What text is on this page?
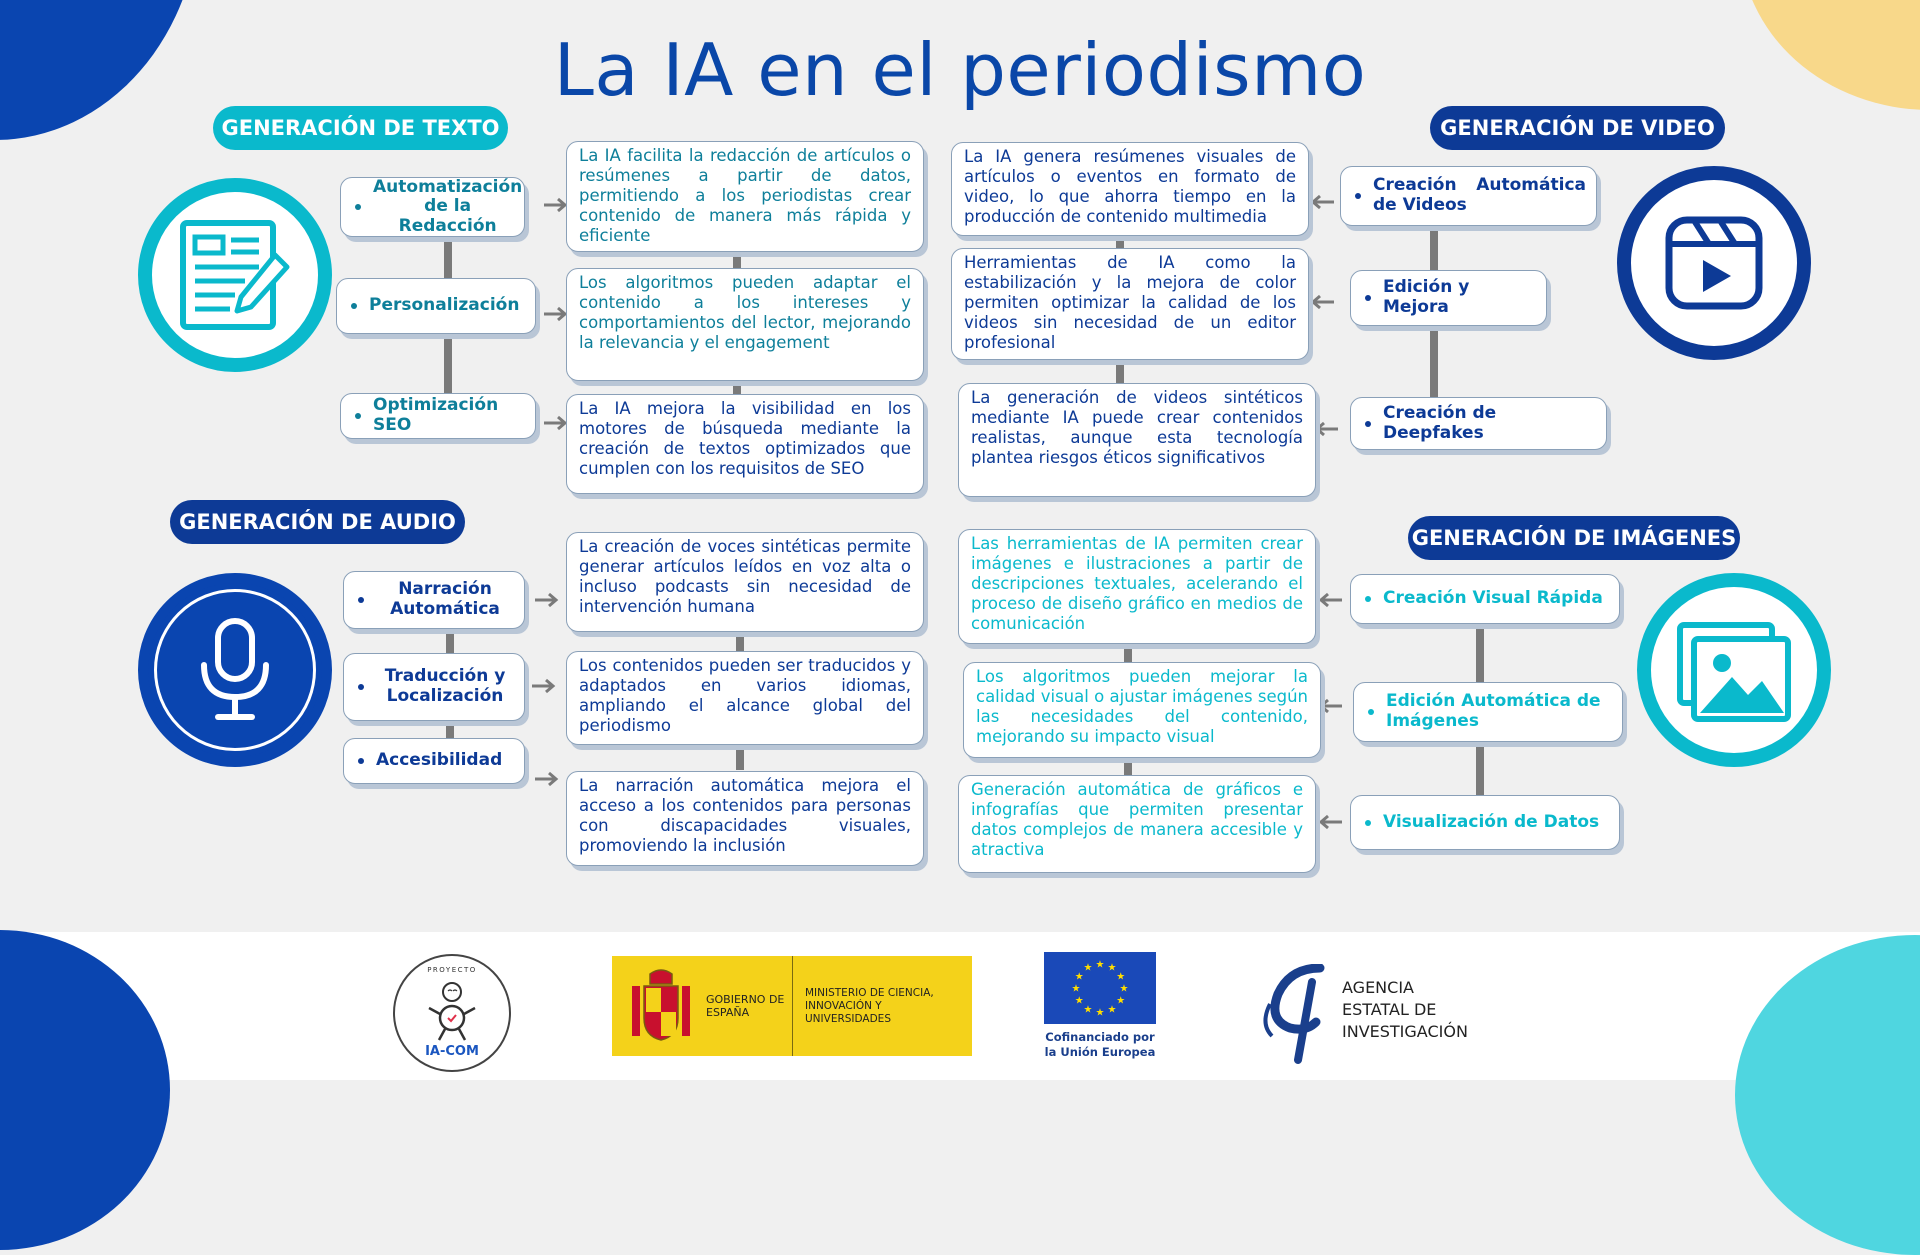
La IA en el periodismo
GENERACIÓN DE TEXTO
Automatización de la Redacción
Personalización
Optimización SEO
La IA facilita la redacción de artículos o resúmenes a partir de datos, permitiendo a los periodistas crear contenido de manera más rápida y eficiente
Los algoritmos pueden adaptar el contenido a los intereses y comportamientos del lector, mejorando la relevancia y el engagement
La IA mejora la visibilidad en los motores de búsqueda mediante la creación de textos optimizados que cumplen con los requisitos de SEO
GENERACIÓN DE VIDEO
Creación Automática de Videos
Edición y Mejora
Creación de Deepfakes
La IA genera resúmenes visuales de artículos o eventos en formato de video, lo que ahorra tiempo en la producción de contenido multimedia
Herramientas de IA como la estabilización y la mejora de color permiten optimizar la calidad de los videos sin necesidad de un editor profesional
La generación de videos sintéticos mediante IA puede crear contenidos realistas, aunque esta tecnología plantea riesgos éticos significativos
GENERACIÓN DE AUDIO
Narración Automática
Traducción y Localización
Accesibilidad
La creación de voces sintéticas permite generar artículos leídos en voz alta o incluso podcasts sin necesidad de intervención humana
Los contenidos pueden ser traducidos y adaptados en varios idiomas, ampliando el alcance global del periodismo
La narración automática mejora el acceso a los contenidos para personas con discapacidades visuales, promoviendo la inclusión
GENERACIÓN DE IMÁGENES
Creación Visual Rápida
Edición Automática de Imágenes
Visualización de Datos
Las herramientas de IA permiten crear imágenes e ilustraciones a partir de descripciones textuales, acelerando el proceso de diseño gráfico en medios de comunicación
Los algoritmos pueden mejorar la calidad visual o ajustar imágenes según las necesidades del contenido, mejorando su impacto visual
Generación automática de gráficos e infografías que permiten presentar datos complejos de manera accesible y atractiva
PROYECTO
IA-COM
GOBIERNO DE ESPAÑA
MINISTERIO DE CIENCIA, INNOVACIÓN Y UNIVERSIDADES
★
★
★
★
★
★
★
★
★ ★ ★
★
Cofinanciado por la Unión Europea
AGENCIA
ESTATAL DE
INVESTIGACIÓN
